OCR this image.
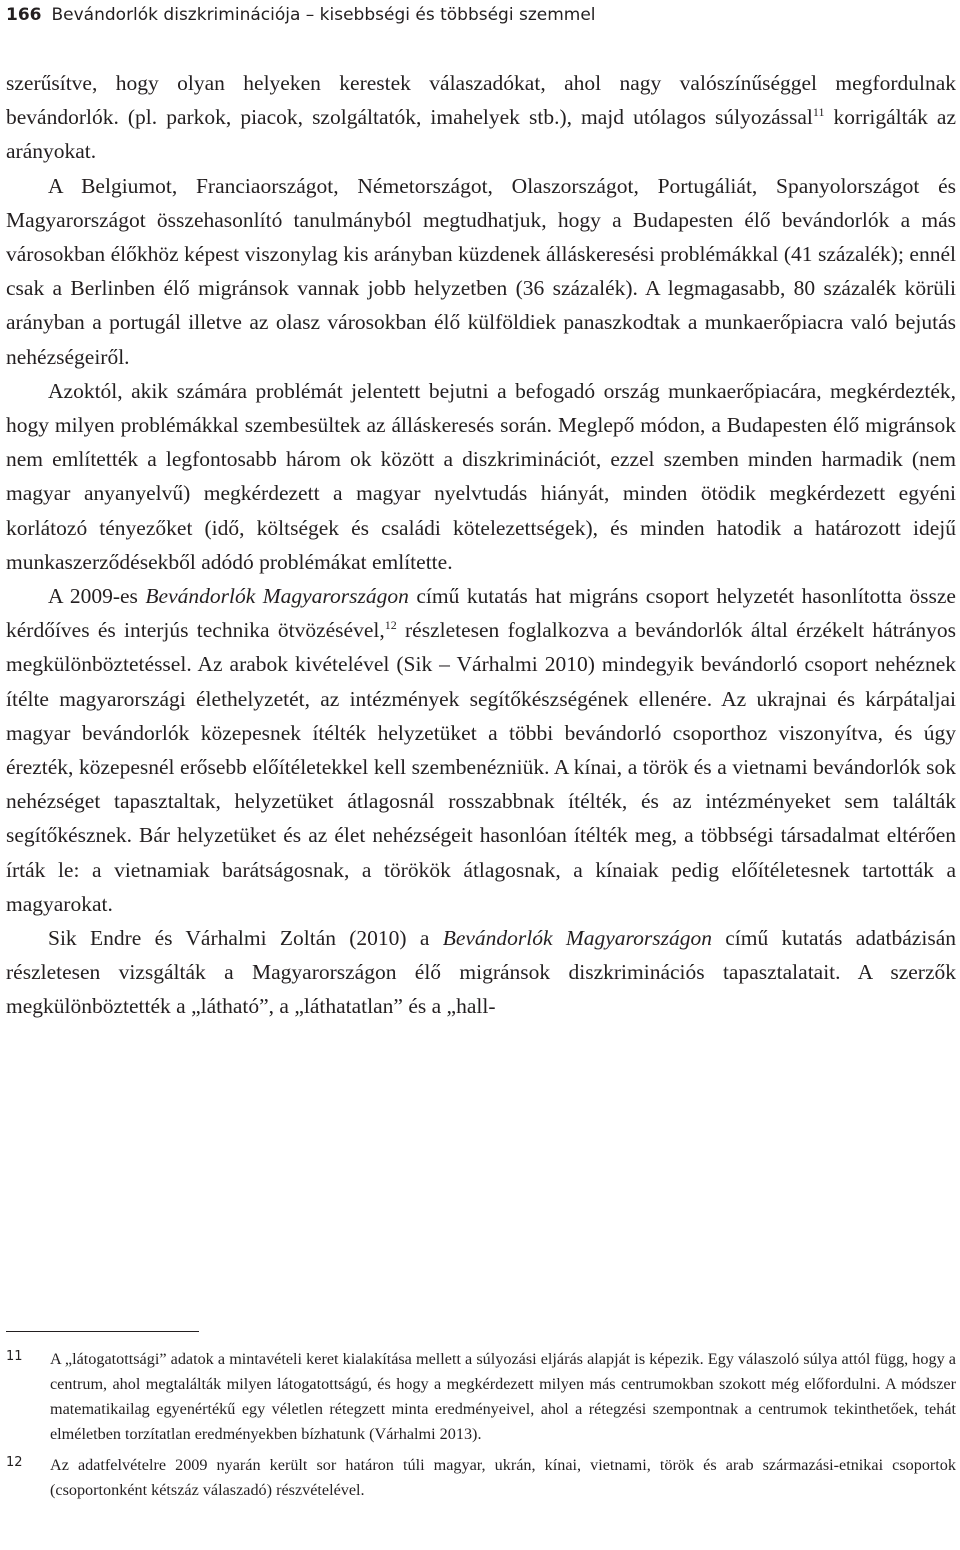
166 Bevándorlók diszkriminációja – kisebbségi és többségi szemmel

szerűsítve, hogy olyan helyeken kerestek válaszadókat, ahol nagy valószínűséggel megfordulnak bevándorlók. (pl. parkok, piacok, szolgáltatók, imahelyek stb.), majd utólagos súlyozással$^{11}$ korrigálták az arányokat.

A Belgiumot, Franciaországot, Németországot, Olaszországot, Portugáliát, Spanyolországot és Magyarországot összehasonlító tanulmányból megtudhatjuk, hogy a Budapesten élő bevándorlók a más városokban élőkhöz képest viszonylag kis arányban küzdenek álláskeresési problémákkal (41 százalék); ennél csak a Berlinben élő migránsok vannak jobb helyzetben (36 százalék). A legmagasabb, 80 százalék körüli arányban a portugál illetve az olasz városokban élő külföldiek panaszkodtak a munkaerőpiacra való bejutás nehézségeiről.

Azoktól, akik számára problémát jelentett bejutni a befogadó ország munkaerőpiacára, megkérdezték, hogy milyen problémákkal szembesültek az álláskeresés során. Meglepő módon, a Budapesten élő migránsok nem említették a legfontosabb három ok között a diszkriminációt, ezzel szemben minden harmadik (nem magyar anyanyelvű) megkérdezett a magyar nyelvtudás hiányát, minden ötödik megkérdezett egyéni korlátozó tényezőket (idő, költségek és családi kötelezettségek), és minden hatodik a határozott idejű munkaszerződésekből adódó problémákat említette.

A 2009-es Bevándorlók Magyarországon című kutatás hat migráns csoport helyzetét hasonlította össze kérdőíves és interjús technika ötvözésével,$^{12}$ részletesen foglalkozva a bevándorlók által érzékelt hátrányos megkülönböztetéssel. Az arabok kivételével (Sik – Várhalmi 2010) mindegyik bevándorló csoport nehéznek ítélte magyarországi élethelyzetét, az intézmények segítőkészségének ellenére. Az ukrajnai és kárpátaljai magyar bevándorlók közepesnek ítélték helyzetüket a többi bevándorló csoporthoz viszonyítva, és úgy érezték, közepesnél erősebb előítéletekkel kell szembenézniük. A kínai, a török és a vietnami bevándorlók sok nehézséget tapasztaltak, helyzetüket átlagosnál rosszabbnak ítélték, és az intézményeket sem találták segítőkésznek. Bár helyzetüket és az élet nehézségeit hasonlóan ítélték meg, a többségi társadalmat eltérően írták le: a vietnamiak barátságosnak, a törökök átlagosnak, a kínaiak pedig előítéletesnek tartották a magyarokat.

Sik Endre és Várhalmi Zoltán (2010) a Bevándorlók Magyarországon című kutatás adatbázisán részletesen vizsgálták a Magyarországon élő migránsok diszkriminációs tapasztalatait. A szerzők megkülönböztették a „látható”, a „láthatatlan” és a „hall-

11 A „látogatottsági” adatok a mintavételi keret kialakítása mellett a súlyozási eljárás alapját is képezik. Egy válaszoló súlya attól függ, hogy a centrum, ahol megtalálták milyen látogatottságú, és hogy a megkérdezett milyen más centrumokban szokott még előfordulni. A módszer matematikailag egyenértékű egy véletlen rétegzett minta eredményeivel, ahol a rétegzési szempontnak a centrumok tekinthetőek, tehát elméletben torzítatlan eredményekben bízhatunk (Várhalmi 2013).
12 Az adatfelvételre 2009 nyarán került sor határon túli magyar, ukrán, kínai, vietnami, török és arab származási-etnikai csoportok (csoportonként kétszáz válaszadó) részvételével.
